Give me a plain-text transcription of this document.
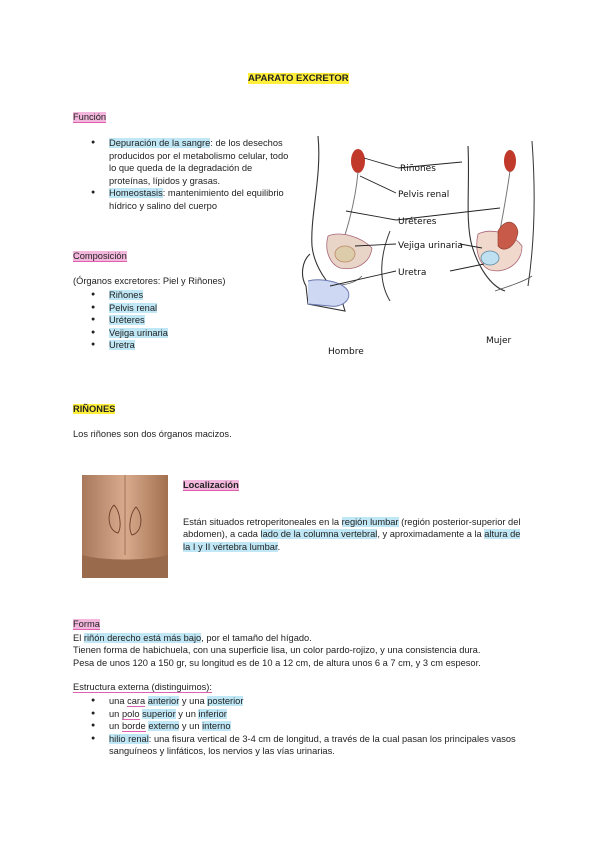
APARATO EXCRETOR
Función
● Depuración de la sangre: de los desechos producidos por el metabolismo celular, todo lo que queda de la degradación de proteínas, lípidos y grasas.
● Homeostasis: mantenimiento del equilibrio hídrico y salino del cuerpo
Composición
(Órganos excretores: Piel y Riñones)
● Riñones
● Pelvis renal
● Uréteres
● Vejiga urinaria
● Uretra
Riñones
Pelvis renal
Uréteres
Vejiga urinaria
Uretra
Hombre
Mujer
RIÑONES
Los riñones son dos órganos macizos.
Localización
Están situados retroperitoneales en la región lumbar (región posterior-superior del abdomen), a cada lado de la columna vertebral, y aproximadamente a la altura de la I y II vértebra lumbar.
Forma
El riñón derecho está más bajo, por el tamaño del hígado.
Tienen forma de habichuela, con una superficie lisa, un color pardo-rojizo, y una consistencia dura.
Pesa de unos 120 a 150 gr, su longitud es de 10 a 12 cm, de altura unos 6 a 7 cm, y 3 cm espesor.
Estructura externa (distinguimos):
● una cara anterior y una posterior
● un polo superior y un inferior
● un borde externo y un interno
● hilio renal: una fisura vertical de 3-4 cm de longitud, a través de la cual pasan los principales vasos sanguíneos y linfáticos, los nervios y las vías urinarias.
